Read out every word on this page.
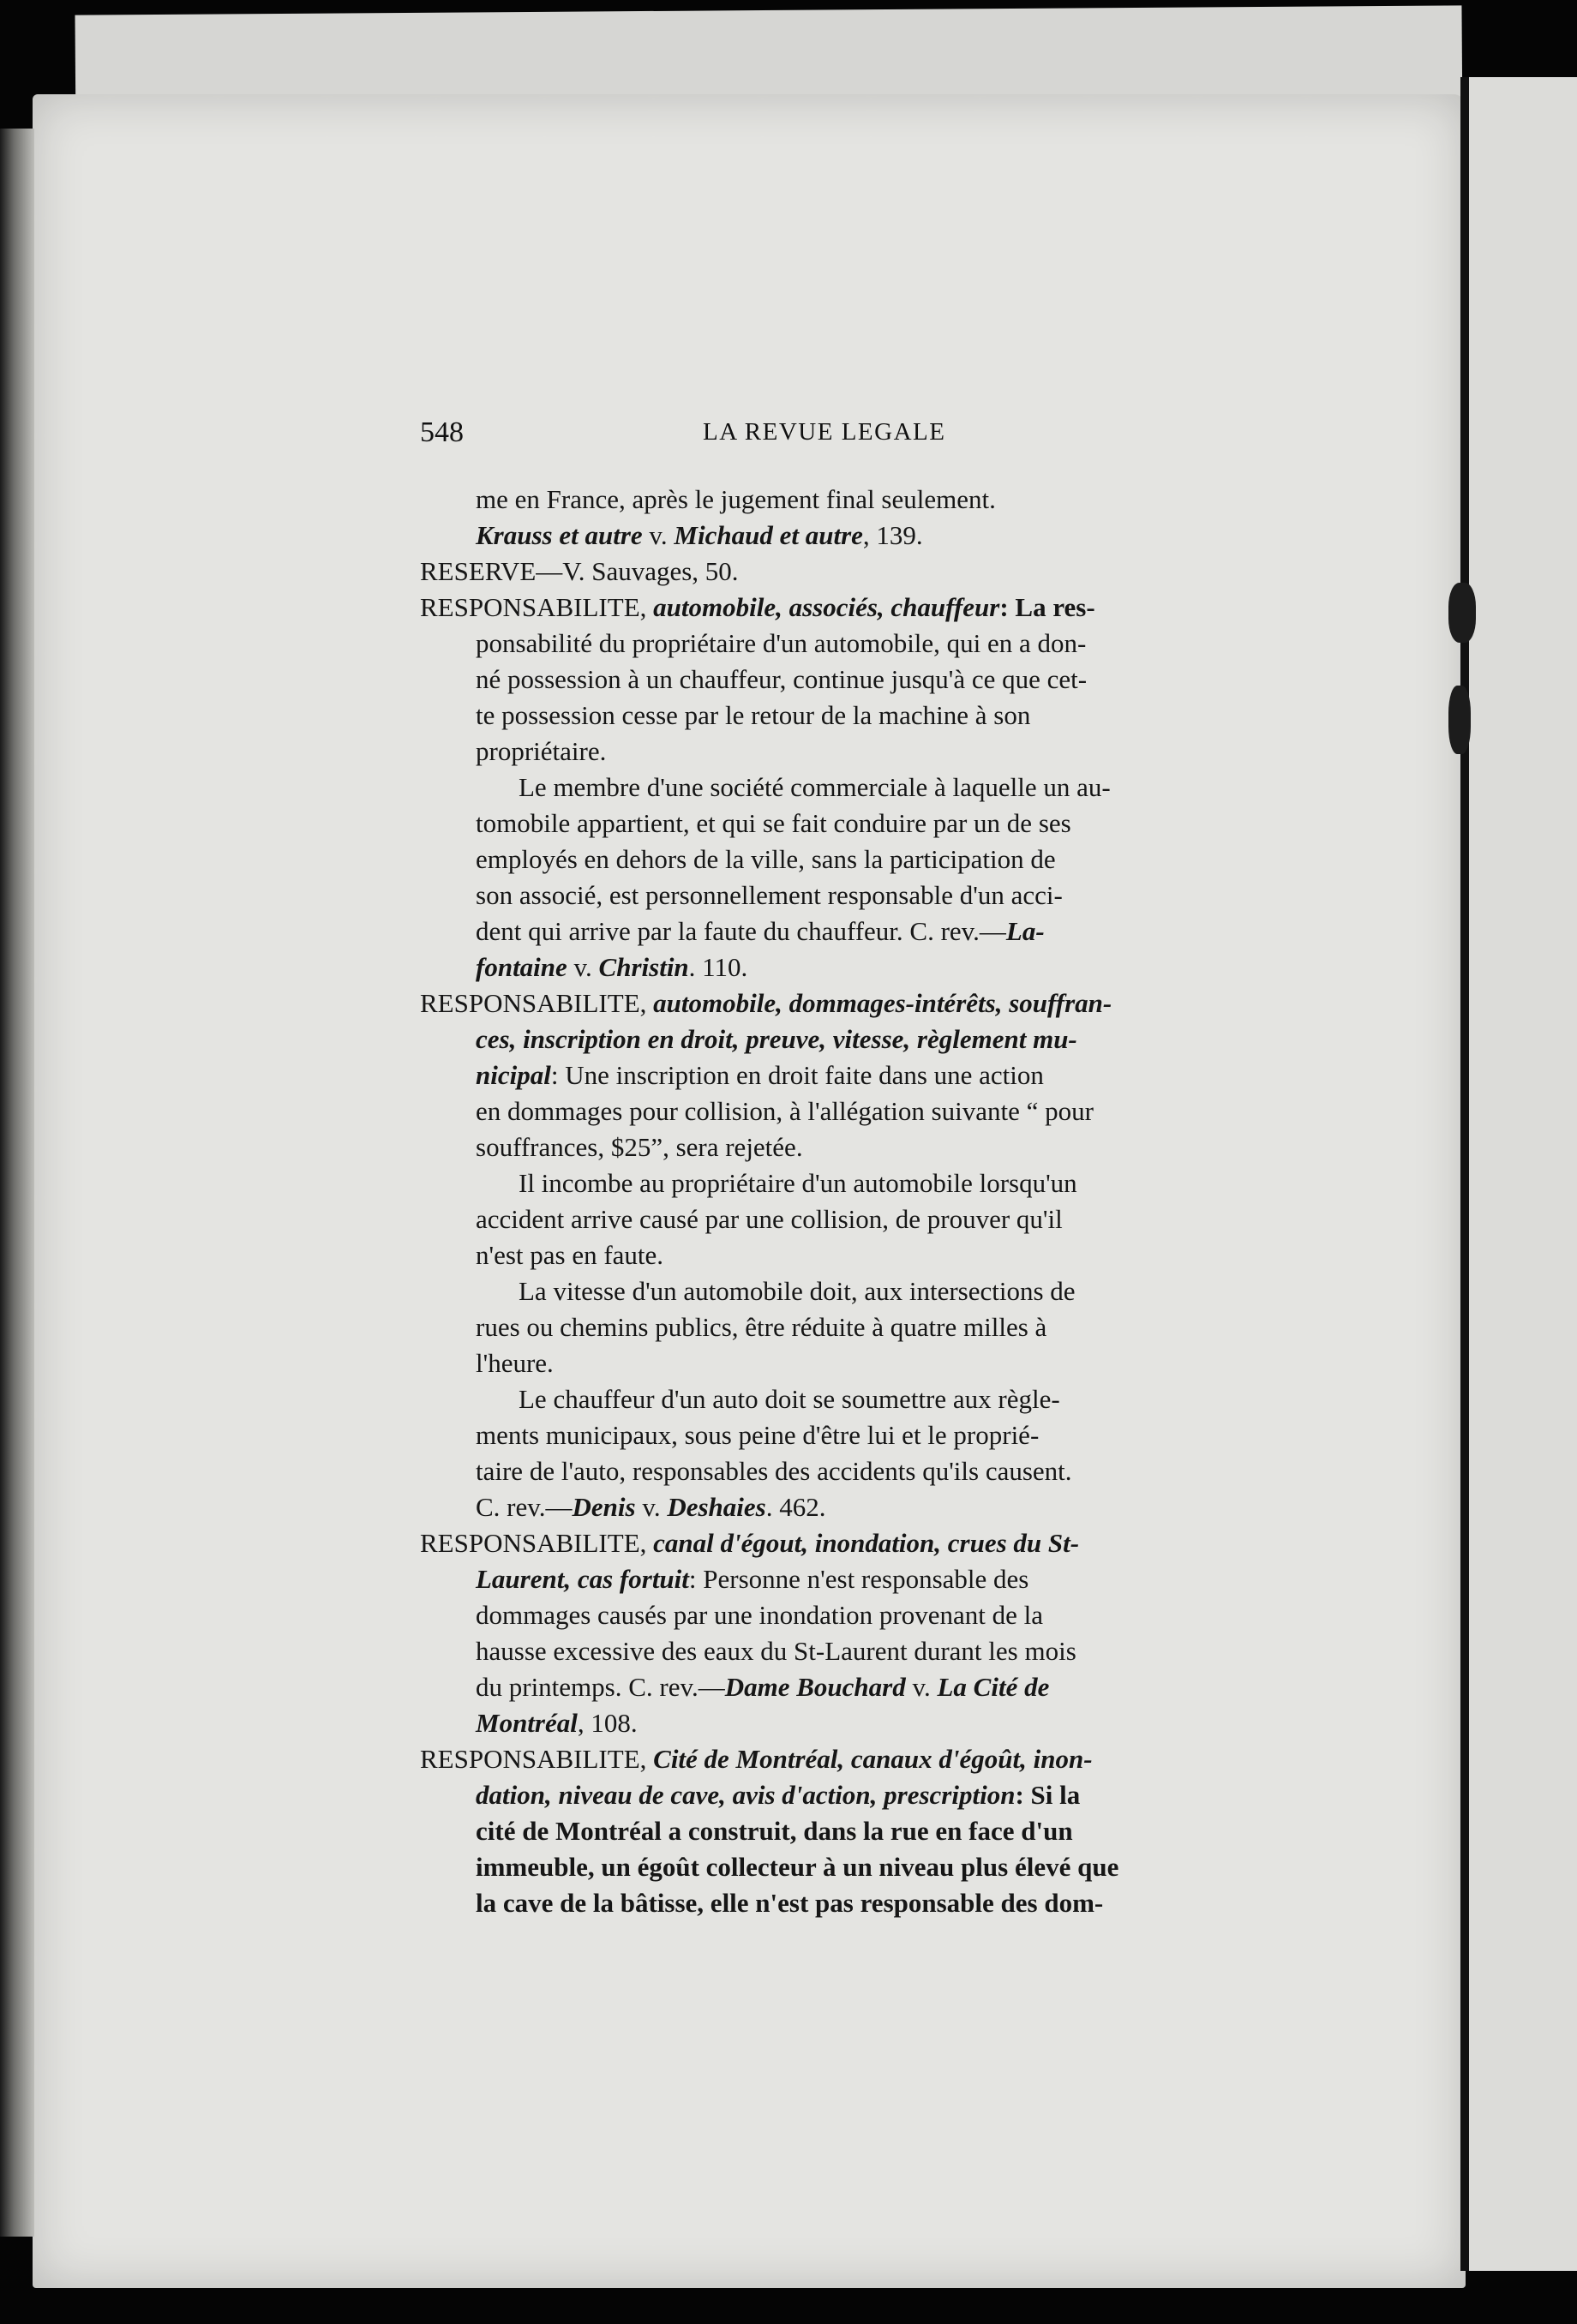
548	LA REVUE LEGALE
me en France, après le jugement final seulement.
Krauss et autre v. Michaud et autre, 139.
RESERVE—V. Sauvages, 50.
RESPONSABILITE, automobile, associés, chauffeur: La res-
ponsabilité du propriétaire d'un automobile, qui en a don-
né possession à un chauffeur, continue jusqu'à ce que cet-
te possession cesse par le retour de la machine à son
propriétaire.
Le membre d'une société commerciale à laquelle un au-
tomobile appartient, et qui se fait conduire par un de ses
employés en dehors de la ville, sans la participation de
son associé, est personnellement responsable d'un acci-
dent qui arrive par la faute du chauffeur. C. rev.—La-
fontaine v. Christin. 110.
RESPONSABILITE, automobile, dommages-intérêts, souffran-
ces, inscription en droit, preuve, vitesse, règlement mu-
nicipal: Une inscription en droit faite dans une action
en dommages pour collision, à l'allégation suivante “ pour
souffrances, $25”, sera rejetée.
Il incombe au propriétaire d'un automobile lorsqu'un
accident arrive causé par une collision, de prouver qu'il
n'est pas en faute.
La vitesse d'un automobile doit, aux intersections de
rues ou chemins publics, être réduite à quatre milles à
l'heure.
Le chauffeur d'un auto doit se soumettre aux règle-
ments municipaux, sous peine d'être lui et le proprié-
taire de l'auto, responsables des accidents qu'ils causent.
C. rev.—Denis v. Deshaies. 462.
RESPONSABILITE, canal d'égout, inondation, crues du St-
Laurent, cas fortuit: Personne n'est responsable des
dommages causés par une inondation provenant de la
hausse excessive des eaux du St-Laurent durant les mois
du printemps. C. rev.—Dame Bouchard v. La Cité de
Montréal, 108.
RESPONSABILITE, Cité de Montréal, canaux d'égoût, inon-
dation, niveau de cave, avis d'action, prescription: Si la
cité de Montréal a construit, dans la rue en face d'un
immeuble, un égoût collecteur à un niveau plus élevé que
la cave de la bâtisse, elle n'est pas responsable des dom-
